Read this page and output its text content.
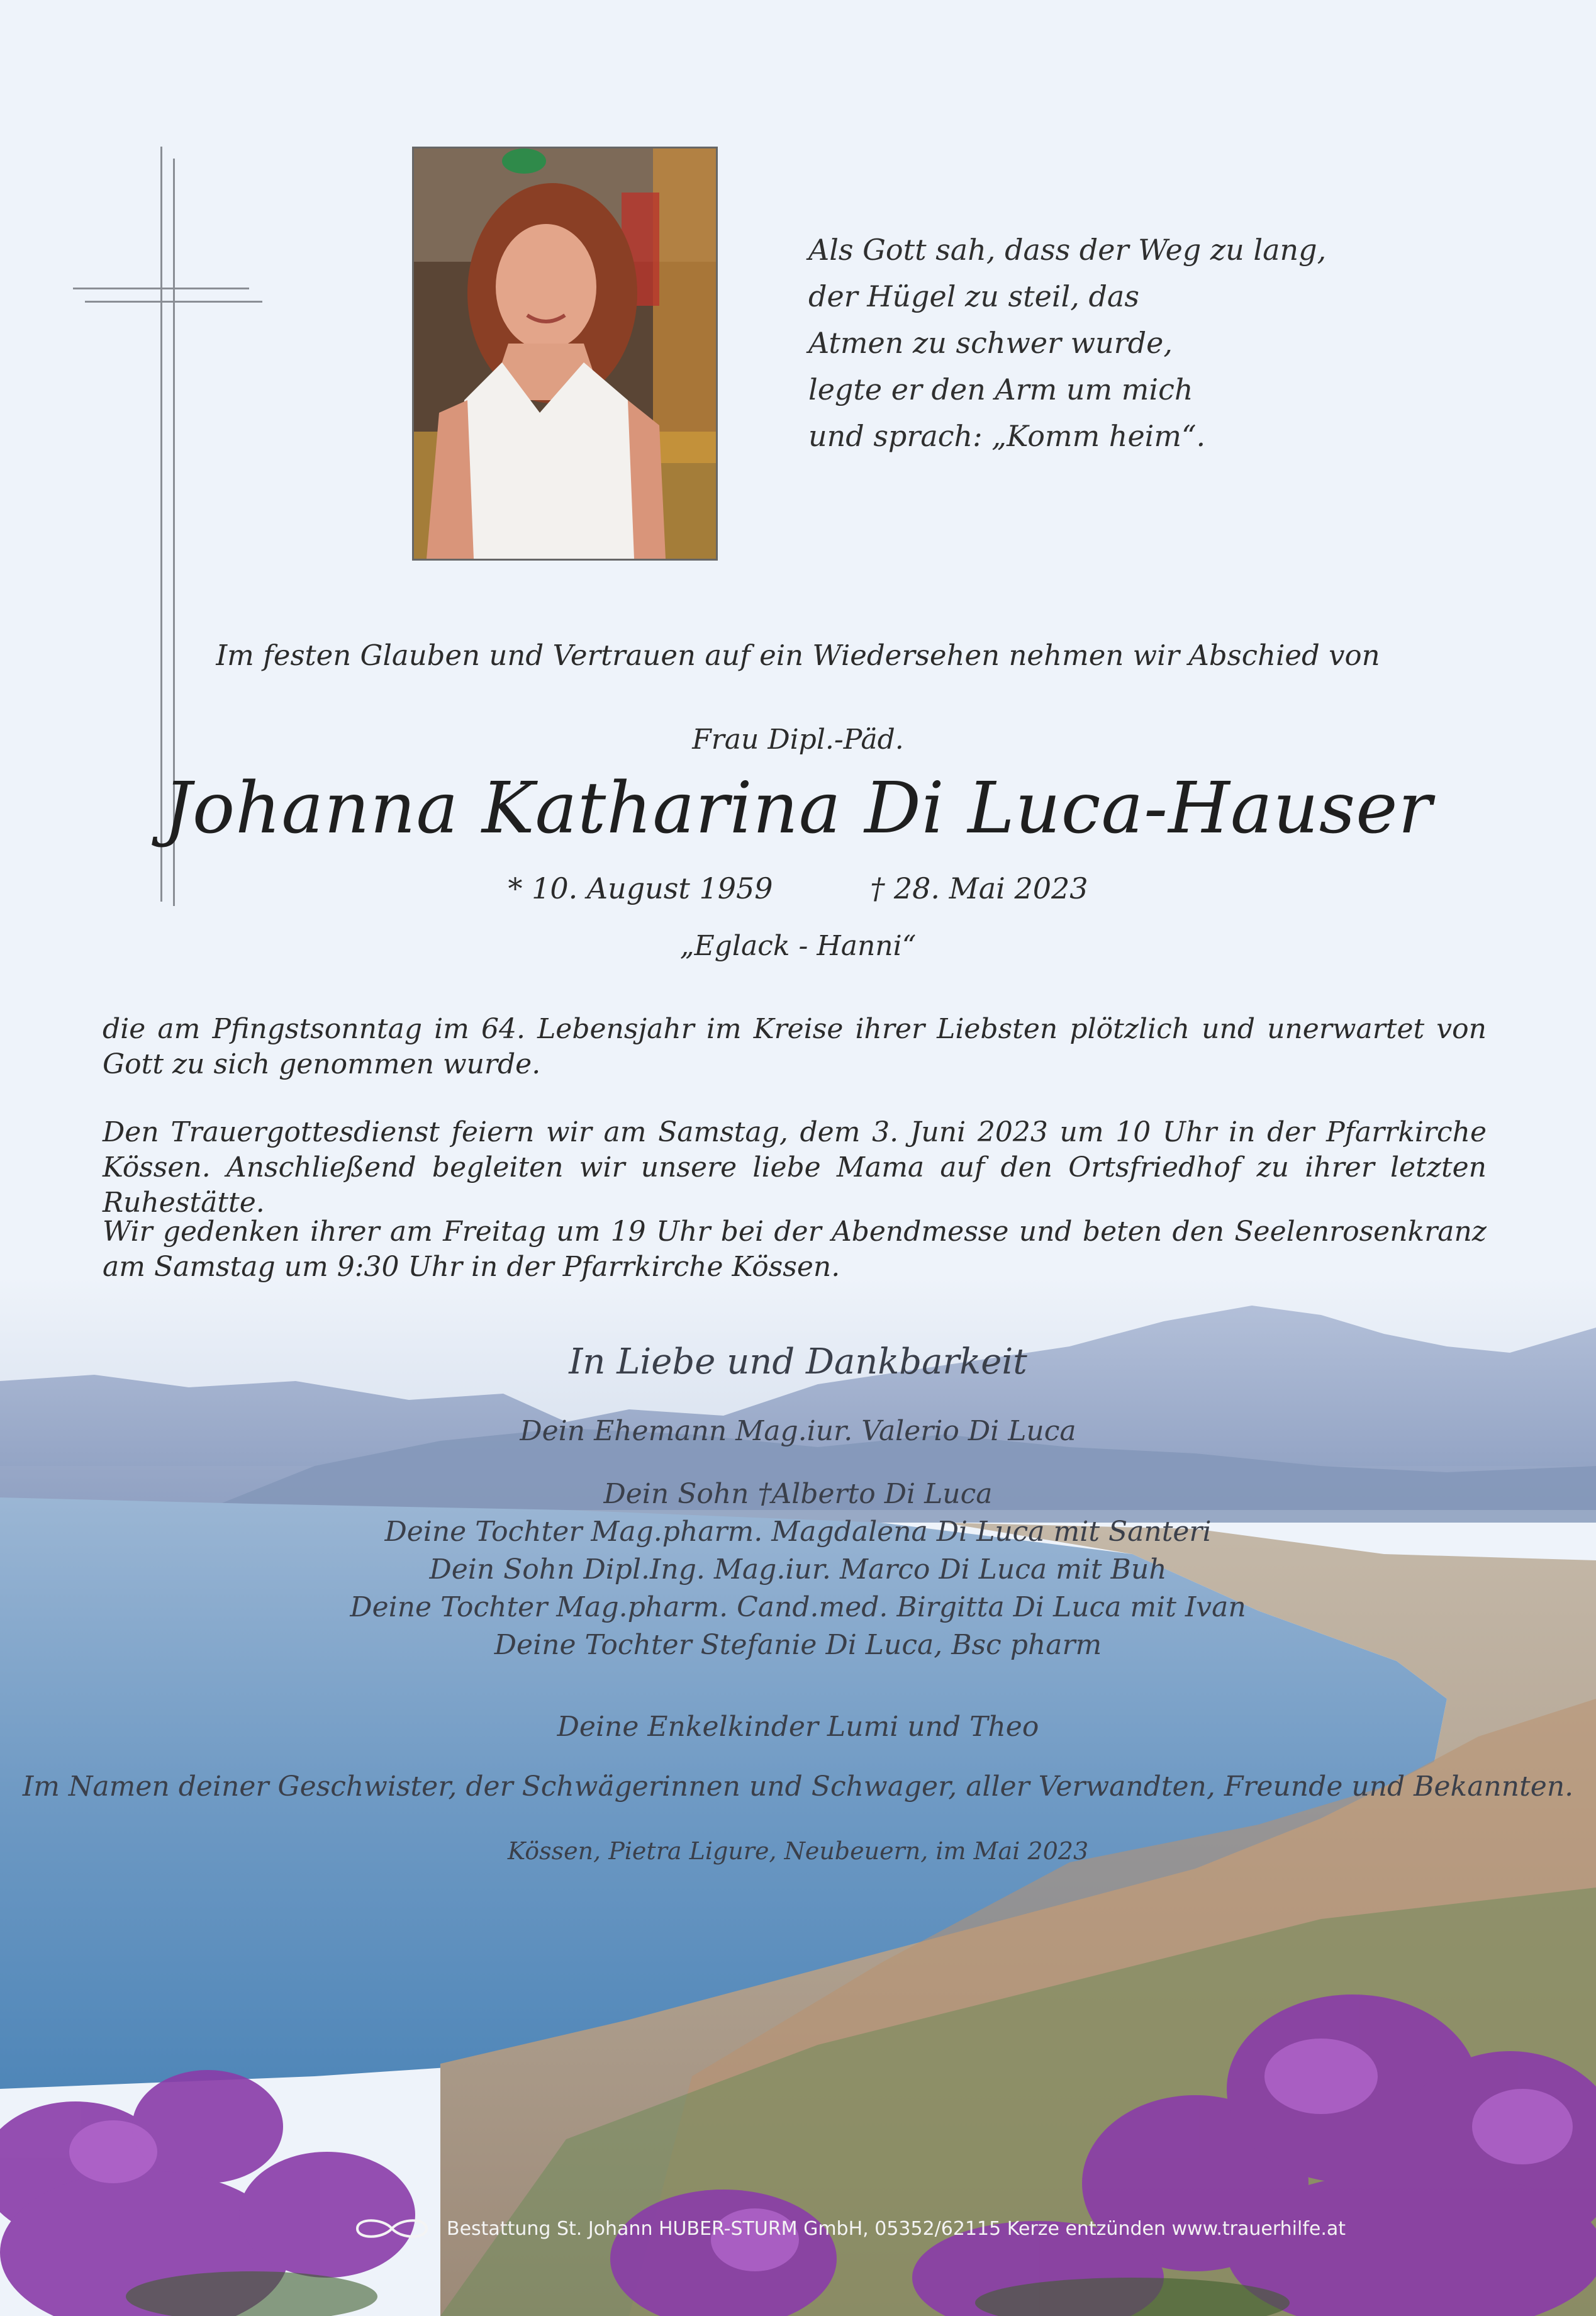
Als Gott sah, dass der Weg zu lang,
der Hügel zu steil, das
Atmen zu schwer wurde,
legte er den Arm um mich
und sprach: „Komm heim“.
Im festen Glauben und Vertrauen auf ein Wiedersehen nehmen wir Abschied von
Frau Dipl.-Päd.
Johanna Katharina Di Luca-Hauser
* 10. August 1959	† 28. Mai 2023
„Eglack - Hanni“
die am Pfingstsonntag im 64. Lebensjahr im Kreise ihrer Liebsten plötzlich und unerwartet von Gott zu sich genommen wurde.
Den Trauergottesdienst feiern wir am Samstag, dem 3. Juni 2023 um 10 Uhr in der Pfarrkirche Kössen. Anschließend begleiten wir unsere liebe Mama auf den Ortsfriedhof zu ihrer letzten Ruhestätte.
Wir gedenken ihrer am Freitag um 19 Uhr bei der Abendmesse und beten den Seelenrosenkranz am Samstag um 9:30 Uhr in der Pfarrkirche Kössen.
In Liebe und Dankbarkeit
Dein Ehemann Mag.iur. Valerio Di Luca
Dein Sohn †Alberto Di Luca
Deine Tochter Mag.pharm. Magdalena Di Luca mit Santeri
Dein Sohn Dipl.Ing. Mag.iur. Marco Di Luca mit Buh
Deine Tochter Mag.pharm. Cand.med. Birgitta Di Luca mit Ivan
Deine Tochter Stefanie Di Luca, Bsc pharm
Deine Enkelkinder Lumi und Theo
Im Namen deiner Geschwister, der Schwägerinnen und Schwager, aller Verwandten, Freunde und Bekannten.
Kössen, Pietra Ligure, Neubeuern, im Mai 2023
Bestattung St. Johann HUBER-STURM GmbH, 05352/62115 Kerze entzünden www.trauerhilfe.at
